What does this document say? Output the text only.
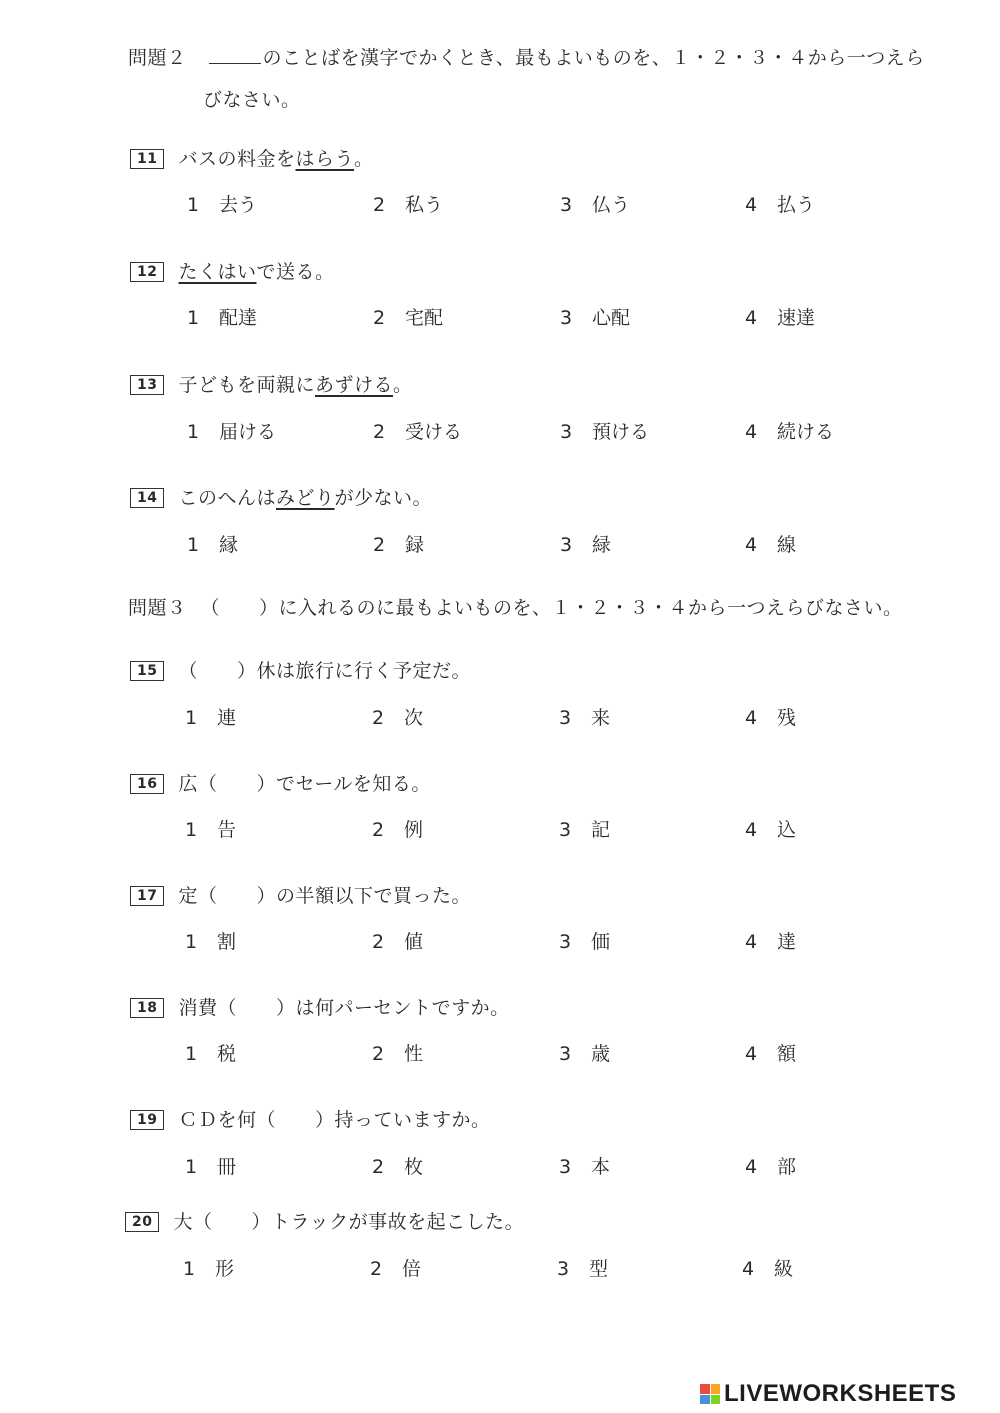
問題２	のことばを漢字でかくとき、最もよいものを、１・２・３・４から一つえら
びなさい。
11 バスの料金をはらう。
1 去う	2 私う	3 仏う	4 払う
12 たくはいで送る。
1 配達	2 宅配	3 心配	4 速達
13 子どもを両親にあずける。
1 届ける	2 受ける	3 預ける	4 続ける
14 このへんはみどりが少ない。
1 縁	2 録	3 緑	4 線
問題３ （　　）に入れるのに最もよいものを、１・２・３・４から一つえらびなさい。
15 （　　）休は旅行に行く予定だ。
1 連	2 次	3 来	4 残
16 広（　　）でセールを知る。
1 告	2 例	3 記	4 込
17 定（　　）の半額以下で買った。
1 割	2 値	3 価	4 達
18 消費（　　）は何パーセントですか。
1 税	2 性	3 歳	4 額
19 ＣＤを何（　　）持っていますか。
1 冊	2 枚	3 本	4 部
20 大（　　）トラックが事故を起こした。
1 形	2 倍	3 型	4 級
LIVEWORKSHEETS
